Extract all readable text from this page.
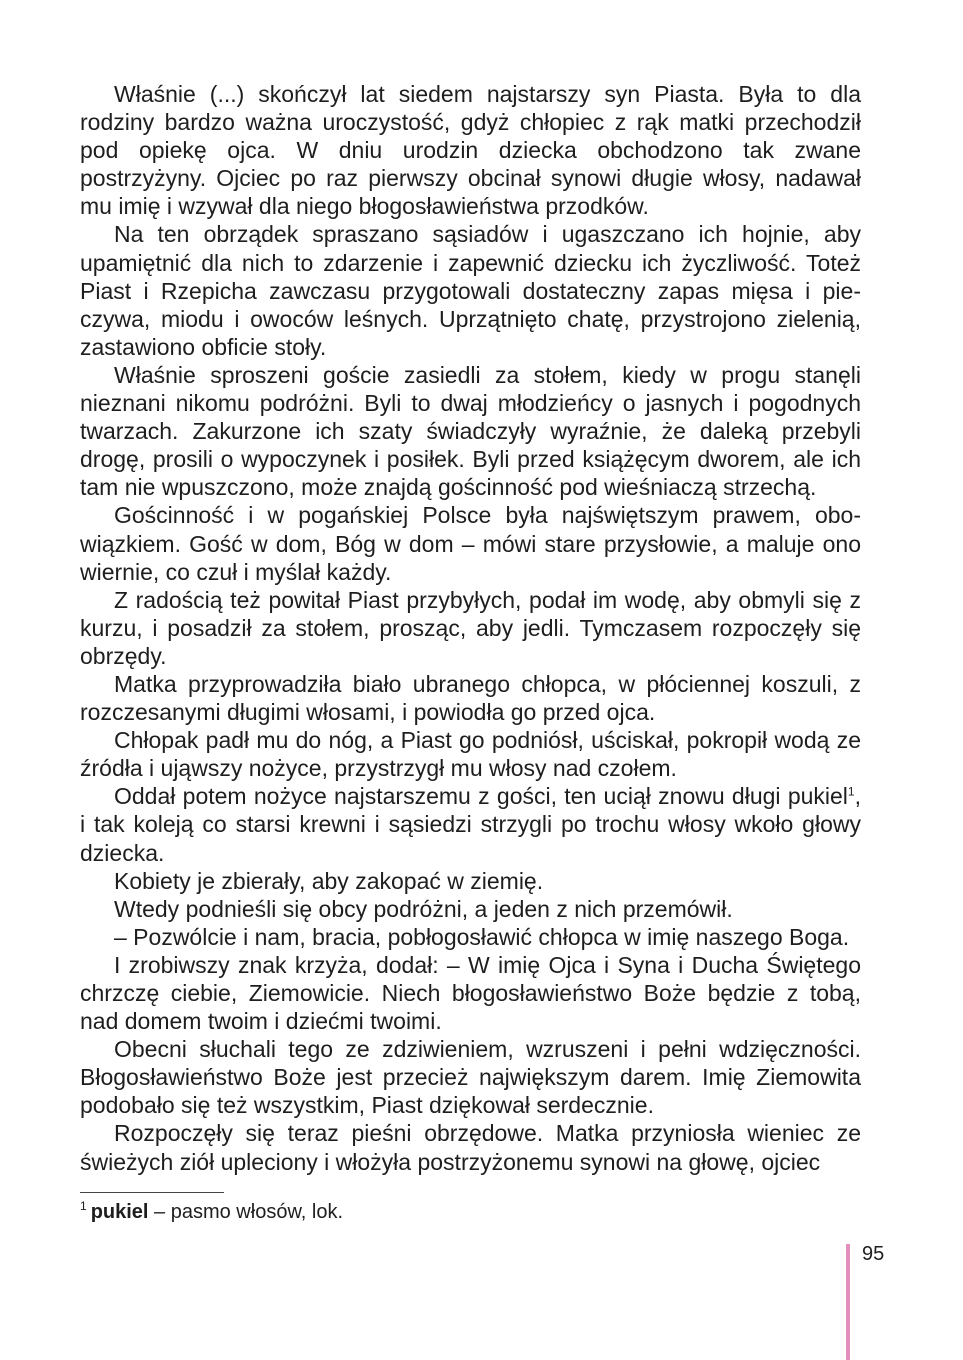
Właśnie (...) skończył lat siedem najstarszy syn Piasta. Była to dla rodziny bardzo ważna uroczystość, gdyż chłopiec z rąk matki przechodził pod opiekę ojca. W dniu urodzin dziecka obchodzono tak zwane postrzyżyny. Ojciec po raz pierwszy obcinał synowi długie włosy, nadawał mu imię i wzywał dla niego błogosławieństwa przodków.

Na ten obrządek spraszano sąsiadów i ugaszczano ich hojnie, aby upamiętnić dla nich to zdarzenie i zapewnić dziecku ich życzliwość. Toteż Piast i Rzepicha zawczasu przygotowali dostateczny zapas mięsa i pieczywa, miodu i owoców leśnych. Uprzątnięto chatę, przystrojono zielenią, zastawiono obficie stoły.

Właśnie sproszeni goście zasiedli za stołem, kiedy w progu stanęli nieznani nikomu podróżni. Byli to dwaj młodzieńcy o jasnych i pogodnych twarzach. Zakurzone ich szaty świadczyły wyraźnie, że daleką przebyli drogę, prosili o wypoczynek i posiłek. Byli przed książęcym dworem, ale ich tam nie wpuszczono, może znajdą gościnność pod wieśniaczą strzechą.

Gościnność i w pogańskiej Polsce była najświętszym prawem, obowiązkiem. Gość w dom, Bóg w dom – mówi stare przysłowie, a maluje ono wiernie, co czuł i myślał każdy.

Z radością też powitał Piast przybyłych, podał im wodę, aby obmyli się z kurzu, i posadził za stołem, prosząc, aby jedli. Tymczasem rozpoczęły się obrzędy.

Matka przyprowadziła biało ubranego chłopca, w płóciennej koszuli, z rozczesanymi długimi włosami, i powiodła go przed ojca.

Chłopak padł mu do nóg, a Piast go podniósł, uściskał, pokropił wodą ze źródła i ująwszy nożyce, przystrzygł mu włosy nad czołem.

Oddał potem nożyce najstarszemu z gości, ten uciął znowu długi pukiel$^1$, i tak koleją co starsi krewni i sąsiedzi strzygli po trochu włosy wkoło głowy dziecka.

Kobiety je zbierały, aby zakopać w ziemię.

Wtedy podnieśli się obcy podróżni, a jeden z nich przemówił.

– Pozwólcie i nam, bracia, pobłogosławić chłopca w imię naszego Boga.

I zrobiwszy znak krzyża, dodał: – W imię Ojca i Syna i Ducha Świętego chrzczę ciebie, Ziemowicie. Niech błogosławieństwo Boże będzie z tobą, nad domem twoim i dziećmi twoimi.

Obecni słuchali tego ze zdziwieniem, wzruszeni i pełni wdzięczności. Błogosławieństwo Boże jest przecież największym darem. Imię Ziemowita podobało się też wszystkim, Piast dziękował serdecznie.

Rozpoczęły się teraz pieśni obrzędowe. Matka przyniosła wieniec ze świeżych ziół upleciony i włożyła postrzyżonemu synowi na głowę, ojciec

$^1$ pukiel – pasmo włosów, lok.
95
